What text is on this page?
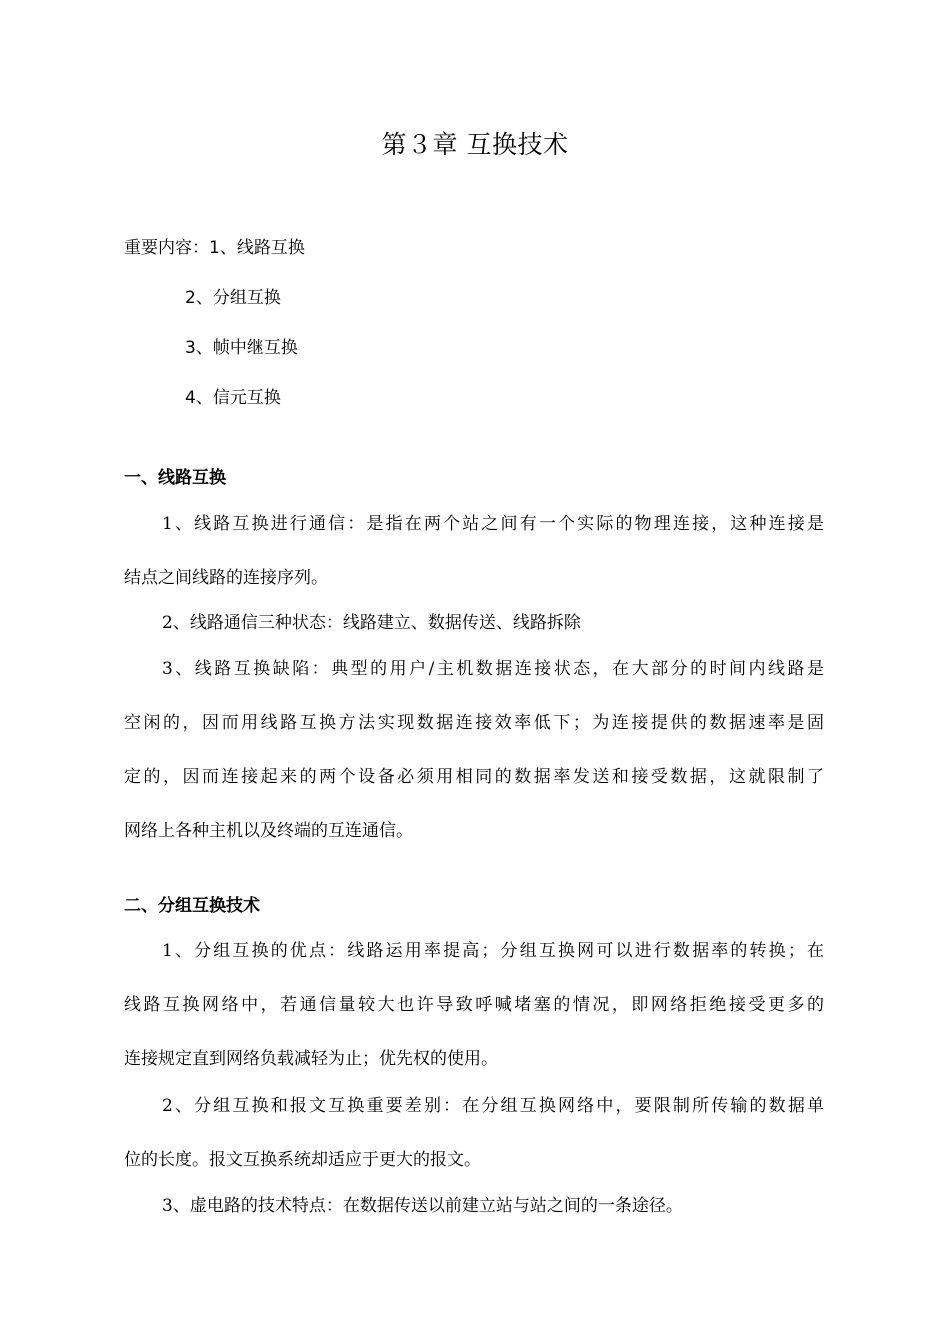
第３章 互换技术
重要内容：1、线路互换
2、分组互换
3、帧中继互换
4、信元互换
一、线路互换
1、线路互换进行通信：是指在两个站之间有一个实际的物理连接，这种连接是
结点之间线路的连接序列。
2、线路通信三种状态：线路建立、数据传送、线路拆除
3、线路互换缺陷：典型的用户/主机数据连接状态，在大部分的时间内线路是
空闲的，因而用线路互换方法实现数据连接效率低下；为连接提供的数据速率是固
定的，因而连接起来的两个设备必须用相同的数据率发送和接受数据，这就限制了
网络上各种主机以及终端的互连通信。
二、分组互换技术
1、分组互换的优点：线路运用率提高；分组互换网可以进行数据率的转换；在
线路互换网络中，若通信量较大也许导致呼喊堵塞的情况，即网络拒绝接受更多的
连接规定直到网络负载减轻为止；优先权的使用。
2、分组互换和报文互换重要差别：在分组互换网络中，要限制所传输的数据单
位的长度。报文互换系统却适应于更大的报文。
3、虚电路的技术特点：在数据传送以前建立站与站之间的一条途径。
